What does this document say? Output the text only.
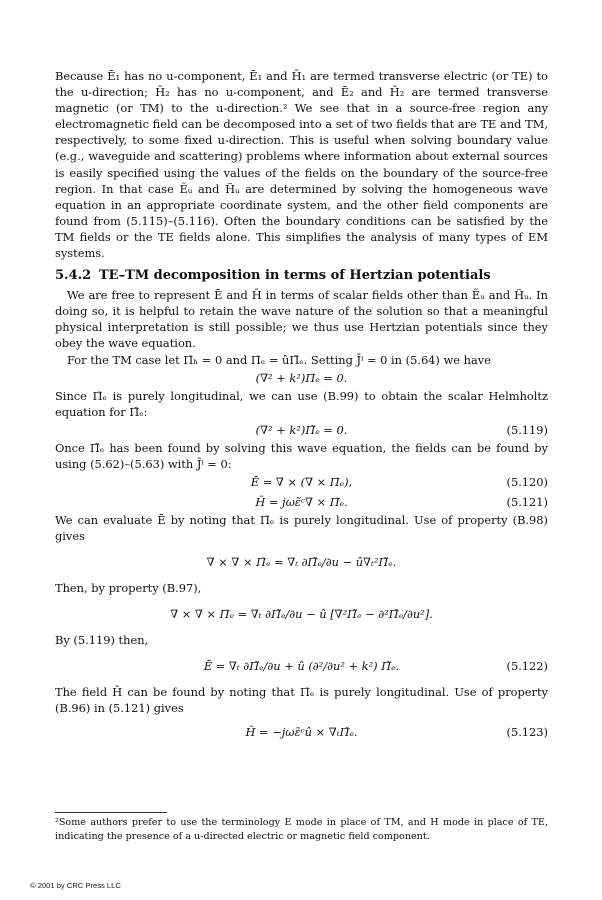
Because Ē₁ has no u-component, Ē₁ and H̄₁ are termed transverse electric (or TE) to the u-direction; H̄₂ has no u-component, and Ē₂ and H̄₂ are termed transverse magnetic (or TM) to the u-direction.² We see that in a source-free region any electromagnetic field can be decomposed into a set of two fields that are TE and TM, respectively, to some fixed u-direction. This is useful when solving boundary value (e.g., waveguide and scattering) problems where information about external sources is easily specified using the values of the fields on the boundary of the source-free region. In that case Ẽᵤ and H̃ᵤ are determined by solving the homogeneous wave equation in an appropriate coordinate system, and the other field components are found from (5.115)–(5.116). Often the boundary conditions can be satisfied by the TM fields or the TE fields alone. This simplifies the analysis of many types of EM systems.

5.4.2 TE–TM decomposition in terms of Hertzian potentials

We are free to represent Ē and H̄ in terms of scalar fields other than Ẽᵤ and H̃ᵤ. In doing so, it is helpful to retain the wave nature of the solution so that a meaningful physical interpretation is still possible; we thus use Hertzian potentials since they obey the wave equation.

For the TM case let Π̄ₕ = 0 and Π̄ₑ = ûΠ̃ₑ. Setting J̄ⁱ = 0 in (5.64) we have

(∇² + k²)Π̄ₑ = 0.

Since Π̄ₑ is purely longitudinal, we can use (B.99) to obtain the scalar Helmholtz equation for Π̃ₑ:

(∇² + k²)Π̃ₑ = 0.	(5.119)

Once Π̃ₑ has been found by solving this wave equation, the fields can be found by using (5.62)–(5.63) with J̄ⁱ = 0:

Ē = ∇ × (∇ × Π̄ₑ),	(5.120)
H̄ = jωε̃ᶜ∇ × Π̄ₑ.	(5.121)

We can evaluate Ē by noting that Π̄ₑ is purely longitudinal. Use of property (B.98) gives

∇ × ∇ × Π̄ₑ = ∇ₜ ∂Π̃ₑ/∂u − û∇ₜ²Π̃ₑ.

Then, by property (B.97),

∇ × ∇ × Π̄ₑ = ∇ₜ ∂Π̃ₑ/∂u − û [∇²Π̃ₑ − ∂²Π̃ₑ/∂u²].

By (5.119) then,

Ē = ∇ₜ ∂Π̃ₑ/∂u + û (∂²/∂u² + k²) Π̃ₑ.	(5.122)

The field H̄ can be found by noting that Π̄ₑ is purely longitudinal. Use of property (B.96) in (5.121) gives

H̄ = −jωε̃ᶜû × ∇ₜΠ̃ₑ.	(5.123)
²Some authors prefer to use the terminology E mode in place of TM, and H mode in place of TE, indicating the presence of a u-directed electric or magnetic field component.
© 2001 by CRC Press LLC
